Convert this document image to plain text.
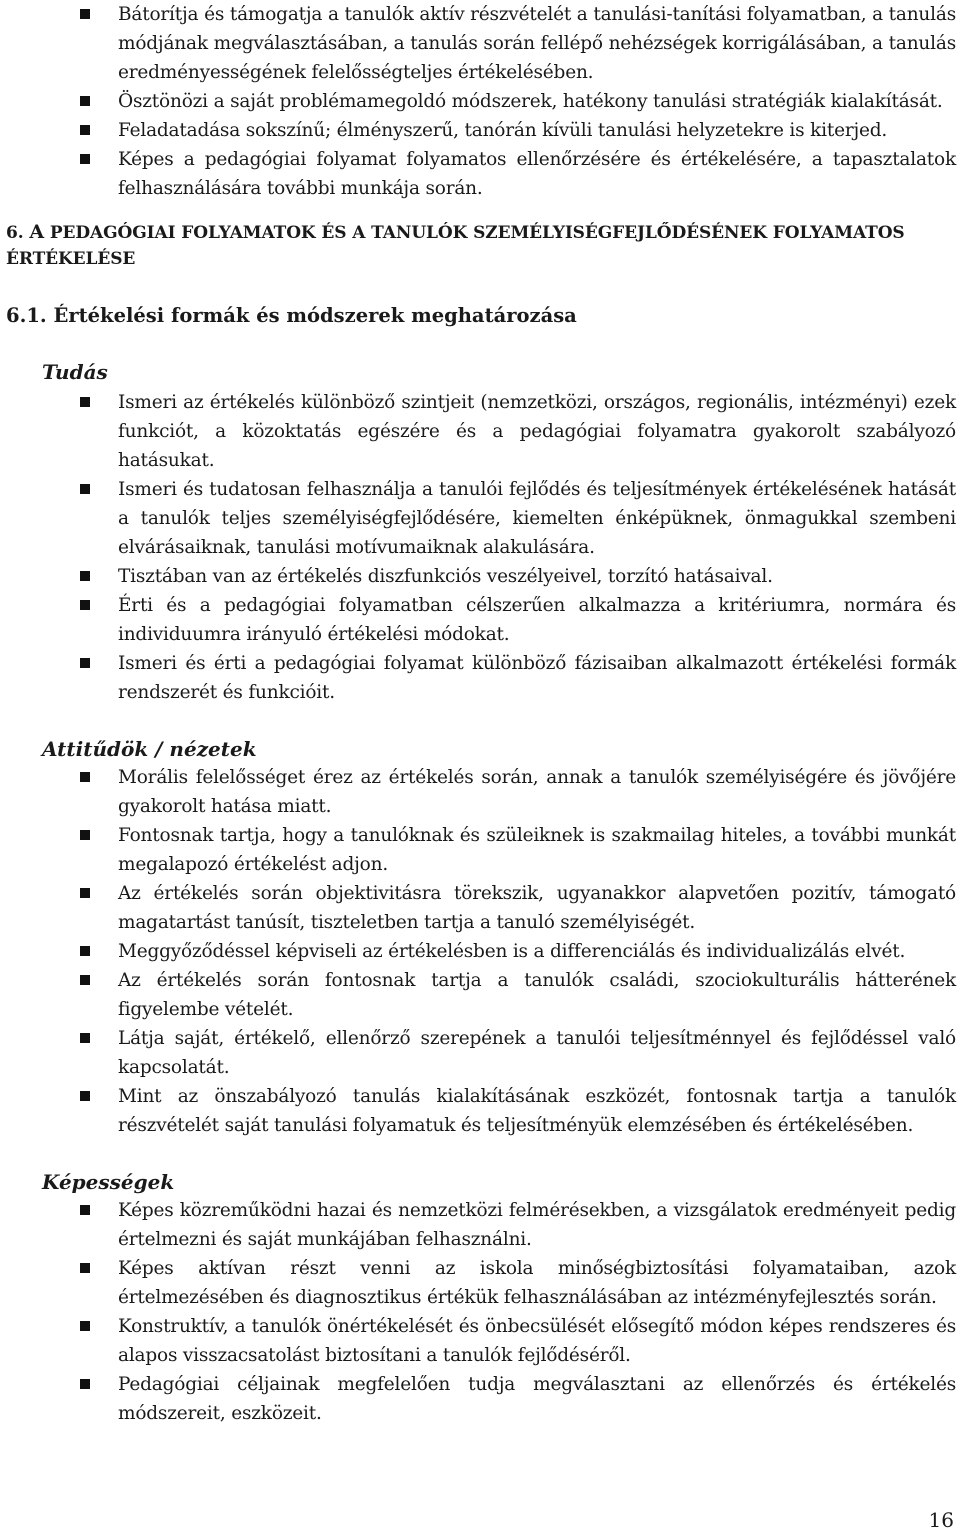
Bátorítja és támogatja a tanulók aktív részvételét a tanulási-tanítási folyamatban, a tanulás módjának megválasztásában, a tanulás során fellépő nehézségek korrigálásában, a tanulás eredményességének felelősségteljes értékelésében.
Ösztönözi a saját problémamegoldó módszerek, hatékony tanulási stratégiák kialakítását.
Feladatadása sokszínű; élményszerű, tanórán kívüli tanulási helyzetekre is kiterjed.
Képes a pedagógiai folyamat folyamatos ellenőrzésére és értékelésére, a tapasztalatok felhasználására további munkája során.
6. A PEDAGÓGIAI FOLYAMATOK ÉS A TANULÓK SZEMÉLYISÉGFEJLŐDÉSÉNEK FOLYAMATOS ÉRTÉKELÉSE
6.1. Értékelési formák és módszerek meghatározása
Tudás
Ismeri az értékelés különböző szintjeit (nemzetközi, országos, regionális, intézményi) ezek funkciót, a közoktatás egészére és a pedagógiai folyamatra gyakorolt szabályozó hatásukat.
Ismeri és tudatosan felhasználja a tanulói fejlődés és teljesítmények értékelésének hatását a tanulók teljes személyiségfejlődésére, kiemelten énképüknek, önmagukkal szembeni elvárásaiknak, tanulási motívumaiknak alakulására.
Tisztában van az értékelés diszfunkciós veszélyeivel, torzító hatásaival.
Érti és a pedagógiai folyamatban célszerűen alkalmazza a kritériumra, normára és individuumra irányuló értékelési módokat.
Ismeri és érti a pedagógiai folyamat különböző fázisaiban alkalmazott értékelési formák rendszerét és funkcióit.
Attitűdök / nézetek
Morális felelősséget érez az értékelés során, annak a tanulók személyiségére és jövőjére gyakorolt hatása miatt.
Fontosnak tartja, hogy a tanulóknak és szüleiknek is szakmailag hiteles, a további munkát megalapozó értékelést adjon.
Az értékelés során objektivitásra törekszik, ugyanakkor alapvetően pozitív, támogató magatartást tanúsít, tiszteletben tartja a tanuló személyiségét.
Meggyőződéssel képviseli az értékelésben is a differenciálás és individualizálás elvét.
Az értékelés során fontosnak tartja a tanulók családi, szociokulturális hátterének figyelembe vételét.
Látja saját, értékelő, ellenőrző szerepének a tanulói teljesítménnyel és fejlődéssel való kapcsolatát.
Mint az önszabályozó tanulás kialakításának eszközét, fontosnak tartja a tanulók részvételét saját tanulási folyamatuk és teljesítményük elemzésében és értékelésében.
Képességek
Képes közreműködni hazai és nemzetközi felmérésekben, a vizsgálatok eredményeit pedig értelmezni és saját munkájában felhasználni.
Képes aktívan részt venni az iskola minőségbiztosítási folyamataiban, azok értelmezésében és diagnosztikus értékük felhasználásában az intézményfejlesztés során.
Konstruktív, a tanulók önértékelését és önbecsülését elősegítő módon képes rendszeres és alapos visszacsatolást biztosítani a tanulók fejlődéséről.
Pedagógiai céljainak megfelelően tudja megválasztani az ellenőrzés és értékelés módszereit, eszközeit.
16
